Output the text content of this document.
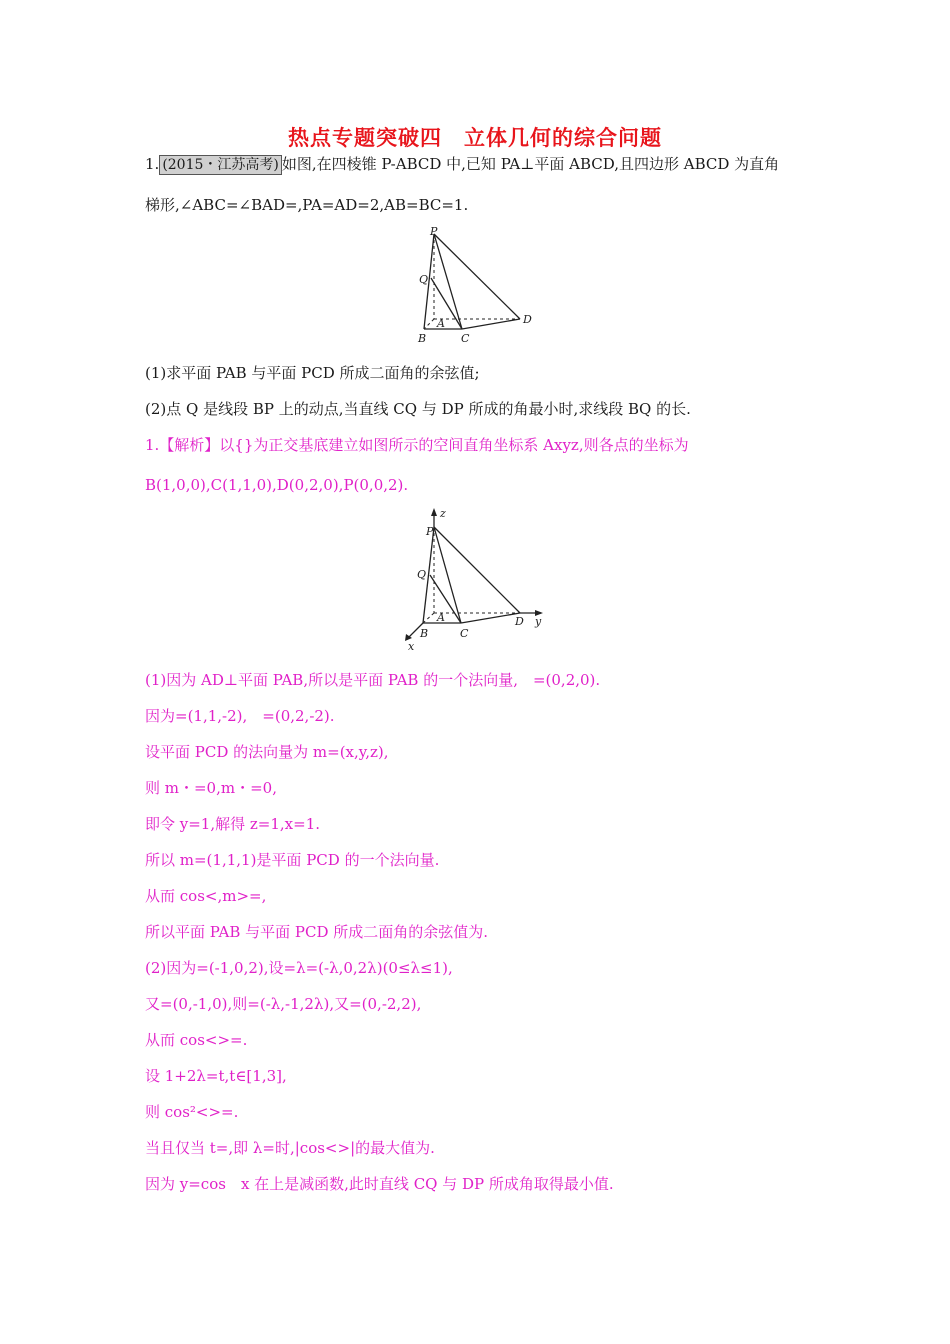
热点专题突破四　立体几何的综合问题
1. (2015・江苏高考) 如图,在四棱锥 P-ABCD 中,已知 PA⊥平面 ABCD,且四边形 ABCD 为直角
梯形,∠ABC=∠BAD=,PA=AD=2,AB=BC=1.
P
Q
A
B	C
D
(1)求平面 PAB 与平面 PCD 所成二面角的余弦值;
(2)点 Q 是线段 BP 上的动点,当直线 CQ 与 DP 所成的角最小时,求线段 BQ 的长.
1.【解析】以{}为正交基底建立如图所示的空间直角坐标系 Axyz,则各点的坐标为
B(1,0,0),C(1,1,0),D(0,2,0),P(0,0,2).
P
z
Q
A
B	C
D y
x
(1)因为 AD⊥平面 PAB,所以是平面 PAB 的一个法向量,　=(0,2,0).
因为=(1,1,-2),　=(0,2,-2).
设平面 PCD 的法向量为 m=(x,y,z),
则 m・=0,m・=0,
即令 y=1,解得 z=1,x=1.
所以 m=(1,1,1)是平面 PCD 的一个法向量.
从而 cos<,m>=,
所以平面 PAB 与平面 PCD 所成二面角的余弦值为.
(2)因为=(-1,0,2),设=λ=(-λ,0,2λ)(0≤λ≤1),
又=(0,-1,0),则=(-λ,-1,2λ),又=(0,-2,2),
从而 cos<>=.
设 1+2λ=t,t∈[1,3],
则 cos²<>=.
当且仅当 t=,即 λ=时,|cos<>|的最大值为.
因为 y=cos　x 在上是减函数,此时直线 CQ 与 DP 所成角取得最小值.
